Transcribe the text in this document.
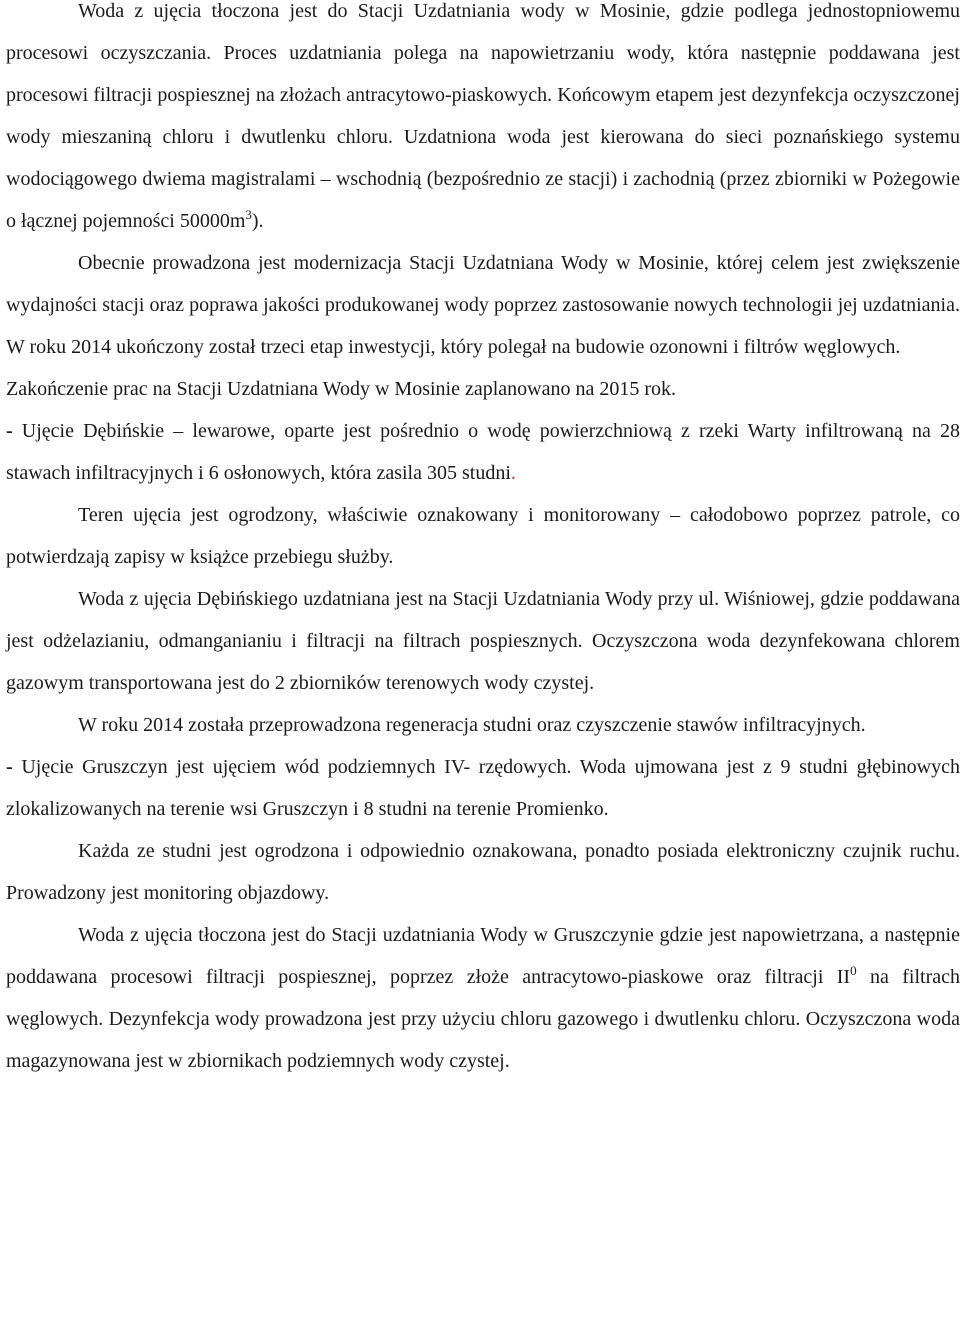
Woda z ujęcia tłoczona jest do Stacji Uzdatniania wody w Mosinie, gdzie podlega jednostopniowemu procesowi oczyszczania. Proces uzdatniania polega na napowietrzaniu wody, która następnie poddawana jest procesowi filtracji pospiesznej na złożach antracytowo-piaskowych. Końcowym etapem jest dezynfekcja oczyszczonej wody mieszaniną chloru i dwutlenku chloru. Uzdatniona woda jest kierowana do sieci poznańskiego systemu wodociągowego dwiema magistralami – wschodnią (bezpośrednio ze stacji) i zachodnią (przez zbiorniki w Pożegowie o łącznej pojemności $50000m^3$).

Obecnie prowadzona jest modernizacja Stacji Uzdatniana Wody w Mosinie, której celem jest zwiększenie wydajności stacji oraz poprawa jakości produkowanej wody poprzez zastosowanie nowych technologii jej uzdatniania. W roku 2014 ukończony został trzeci etap inwestycji, który polegał na budowie ozonowni i filtrów węglowych.

Zakończenie prac na Stacji Uzdatniana Wody w Mosinie zaplanowano na 2015 rok.

- Ujęcie Dębińskie – lewarowe, oparte jest pośrednio o wodę powierzchniową z rzeki Warty infiltrowaną na 28 stawach infiltracyjnych i 6 osłonowych, która zasila 305 studni.

Teren ujęcia jest ogrodzony, właściwie oznakowany i monitorowany – całodobowo poprzez patrole, co potwierdzają zapisy w książce przebiegu służby.

Woda z ujęcia Dębińskiego uzdatniana jest na Stacji Uzdatniania Wody przy ul. Wiśniowej, gdzie poddawana jest odżelazianiu, odmanganianiu i filtracji na filtrach pospiesznych. Oczyszczona woda dezynfekowana chlorem gazowym transportowana jest do 2 zbiorników terenowych wody czystej.

W roku 2014 została przeprowadzona regeneracja studni oraz czyszczenie stawów infiltracyjnych.

- Ujęcie Gruszczyn jest ujęciem wód podziemnych IV- rzędowych. Woda ujmowana jest z 9 studni głębinowych zlokalizowanych na terenie wsi Gruszczyn i 8 studni na terenie Promienko.

Każda ze studni jest ogrodzona i odpowiednio oznakowana, ponadto posiada elektroniczny czujnik ruchu. Prowadzony jest monitoring objazdowy.

Woda z ujęcia tłoczona jest do Stacji uzdatniania Wody w Gruszczynie gdzie jest napowietrzana, a następnie poddawana procesowi filtracji pospiesznej, poprzez złoże antracytowo-piaskowe oraz filtracji $II^0$ na filtrach węglowych. Dezynfekcja wody prowadzona jest przy użyciu chloru gazowego i dwutlenku chloru. Oczyszczona woda magazynowana jest w zbiornikach podziemnych wody czystej.
